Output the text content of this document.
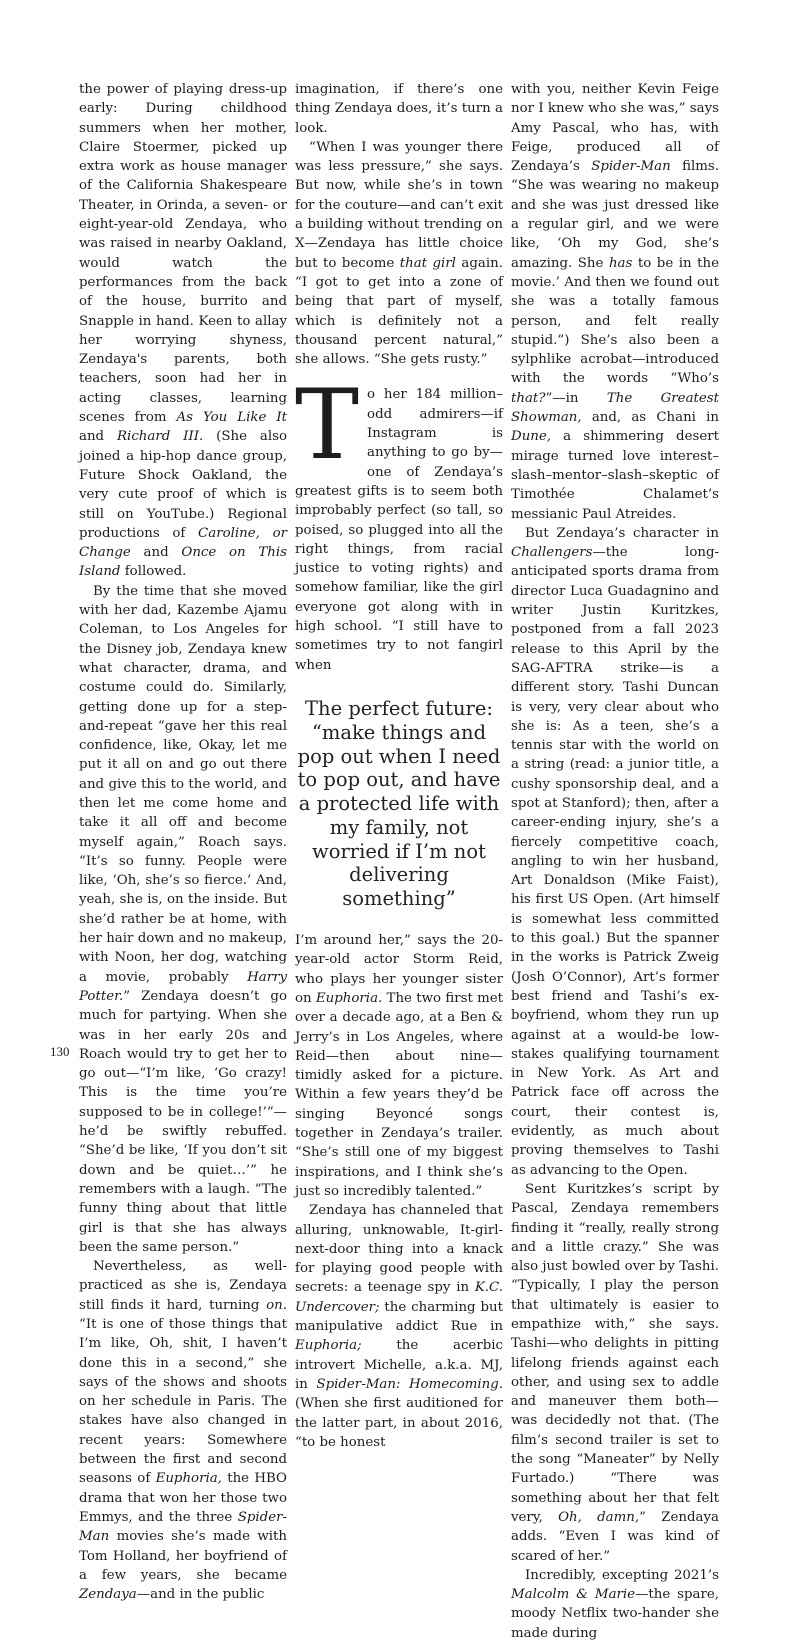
the power of playing dress-up early: During childhood summers when her mother, Claire Stoermer, picked up extra work as house manager of the California Shakespeare Theater, in Orinda, a seven- or eight-year-old Zendaya, who was raised in nearby Oakland, would watch the performances from the back of the house, burrito and Snapple in hand. Keen to allay her worrying shyness, Zendaya's parents, both teachers, soon had her in acting classes, learning scenes from As You Like It and Richard III. (She also joined a hip-hop dance group, Future Shock Oakland, the very cute proof of which is still on YouTube.) Regional productions of Caroline, or Change and Once on This Island followed.

By the time that she moved with her dad, Kazembe Ajamu Coleman, to Los Angeles for the Disney job, Zendaya knew what character, drama, and costume could do. Similarly, getting done up for a step-and-repeat “gave her this real confidence, like, Okay, let me put it all on and go out there and give this to the world, and then let me come home and take it all off and become myself again,” Roach says. “It’s so funny. People were like, ‘Oh, she’s so fierce.’ And, yeah, she is, on the inside. But she’d rather be at home, with her hair down and no makeup, with Noon, her dog, watching a movie, probably Harry Potter.” Zendaya doesn’t go much for partying. When she was in her early 20s and Roach would try to get her to go out—“I’m like, ‘Go crazy! This is the time you’re supposed to be in college!’”—he’d be swiftly rebuffed. “She’d be like, ‘If you don’t sit down and be quiet…’” he remembers with a laugh. “The funny thing about that little girl is that she has always been the same person.”

Nevertheless, as well-practiced as she is, Zendaya still finds it hard, turning on. “It is one of those things that I’m like, Oh, shit, I haven’t done this in a second,” she says of the shows and shoots on her schedule in Paris. The stakes have also changed in recent years: Somewhere between the first and second seasons of Euphoria, the HBO drama that won her those two Emmys, and the three Spider-Man movies she’s made with Tom Holland, her boyfriend of a few years, she became Zendaya—and in the public

imagination, if there’s one thing Zendaya does, it’s turn a look.

“When I was younger there was less pressure,” she says. But now, while she’s in town for the couture—and can’t exit a building without trending on X—Zendaya has little choice but to become that girl again. “I got to get into a zone of being that part of myself, which is definitely not a thousand percent natural,” she allows. “She gets rusty.”

T o her 184 million–odd admirers—if Instagram is anything to go by—one of Zendaya’s greatest gifts is to seem both improbably perfect (so tall, so poised, so plugged into all the right things, from racial justice to voting rights) and somehow familiar, like the girl everyone got along with in high school. “I still have to sometimes try to not fangirl when

The perfect future: “make things and pop out when I need to pop out, and have a protected life with my family, not worried if I’m not delivering something”

I’m around her,” says the 20-year-old actor Storm Reid, who plays her younger sister on Euphoria. The two first met over a decade ago, at a Ben & Jerry’s in Los Angeles, where Reid—then about nine—timidly asked for a picture. Within a few years they’d be singing Beyoncé songs together in Zendaya’s trailer. “She’s still one of my biggest inspirations, and I think she’s just so incredibly talented.”

Zendaya has channeled that alluring, unknowable, It-girl-next-door thing into a knack for playing good people with secrets: a teenage spy in K.C. Undercover; the charming but manipulative addict Rue in Euphoria; the acerbic introvert Michelle, a.k.a. MJ, in Spider-Man: Homecoming. (When she first auditioned for the latter part, in about 2016, “to be honest

with you, neither Kevin Feige nor I knew who she was,” says Amy Pascal, who has, with Feige, produced all of Zendaya’s Spider-Man films. “She was wearing no makeup and she was just dressed like a regular girl, and we were like, ‘Oh my God, she’s amazing. She has to be in the movie.’ And then we found out she was a totally famous person, and felt really stupid.”) She’s also been a sylphlike acrobat—introduced with the words “Who’s that?”—in The Greatest Showman, and, as Chani in Dune, a shimmering desert mirage turned love interest–slash–mentor–slash–skeptic of Timothée Chalamet’s messianic Paul Atreides.

But Zendaya’s character in Challengers—the long-anticipated sports drama from director Luca Guadagnino and writer Justin Kuritzkes, postponed from a fall 2023 release to this April by the SAG-AFTRA strike—is a different story. Tashi Duncan is very, very clear about who she is: As a teen, she’s a tennis star with the world on a string (read: a junior title, a cushy sponsorship deal, and a spot at Stanford); then, after a career-ending injury, she’s a fiercely competitive coach, angling to win her husband, Art Donaldson (Mike Faist), his first US Open. (Art himself is somewhat less committed to this goal.) But the spanner in the works is Patrick Zweig (Josh O’Connor), Art’s former best friend and Tashi’s ex-boyfriend, whom they run up against at a would-be low-stakes qualifying tournament in New York. As Art and Patrick face off across the court, their contest is, evidently, as much about proving themselves to Tashi as advancing to the Open.

Sent Kuritzkes’s script by Pascal, Zendaya remembers finding it “really, really strong and a little crazy.” She was also just bowled over by Tashi. “Typically, I play the person that ultimately is easier to empathize with,” she says. Tashi—who delights in pitting lifelong friends against each other, and using sex to addle and maneuver them both—was decidedly not that. (The film’s second trailer is set to the song “Maneater” by Nelly Furtado.) “There was something about her that felt very, Oh, damn,” Zendaya adds. “Even I was kind of scared of her.”

Incredibly, excepting 2021’s Malcolm & Marie—the spare, moody Netflix two-hander she made during

130
